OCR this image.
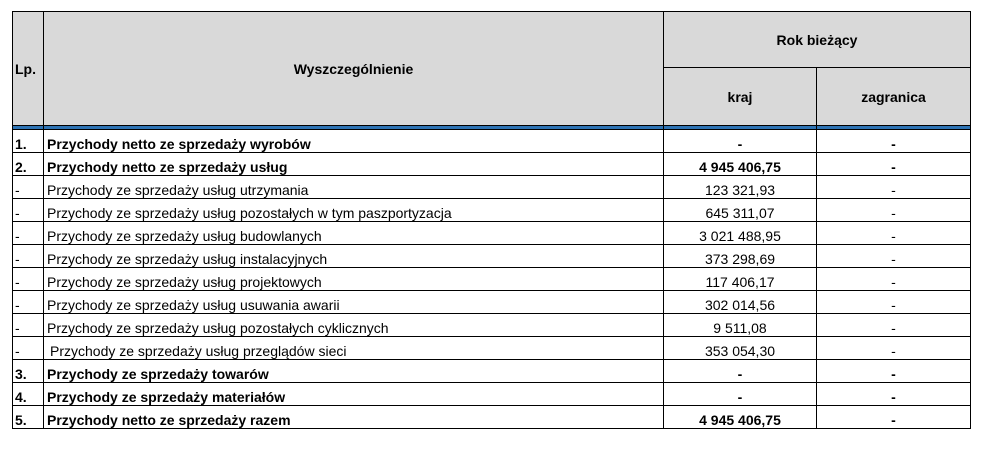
Lp.	Wyszczególnienie	Rok bieżący	
		kraj	zagranica

1.	Przychody netto ze sprzedaży wyrobów	-	-
2.	Przychody netto ze sprzedaży usług	4 945 406,75	-
-	Przychody ze sprzedaży usług utrzymania	123 321,93	-
-	Przychody ze sprzedaży usług pozostałych w tym paszportyzacja	645 311,07	-
-	Przychody ze sprzedaży usług budowlanych	3 021 488,95	-
-	Przychody ze sprzedaży usług instalacyjnych	373 298,69	-
-	Przychody ze sprzedaży usług projektowych	117 406,17	-
-	Przychody ze sprzedaży usług usuwania awarii	302 014,56	-
-	Przychody ze sprzedaży usług pozostałych cyklicznych	9 511,08	-
-	Przychody ze sprzedaży usług przeglądów sieci	353 054,30	-
3.	Przychody ze sprzedaży towarów	-	-
4.	Przychody ze sprzedaży materiałów	-	-
5.	Przychody netto ze sprzedaży razem	4 945 406,75	-
